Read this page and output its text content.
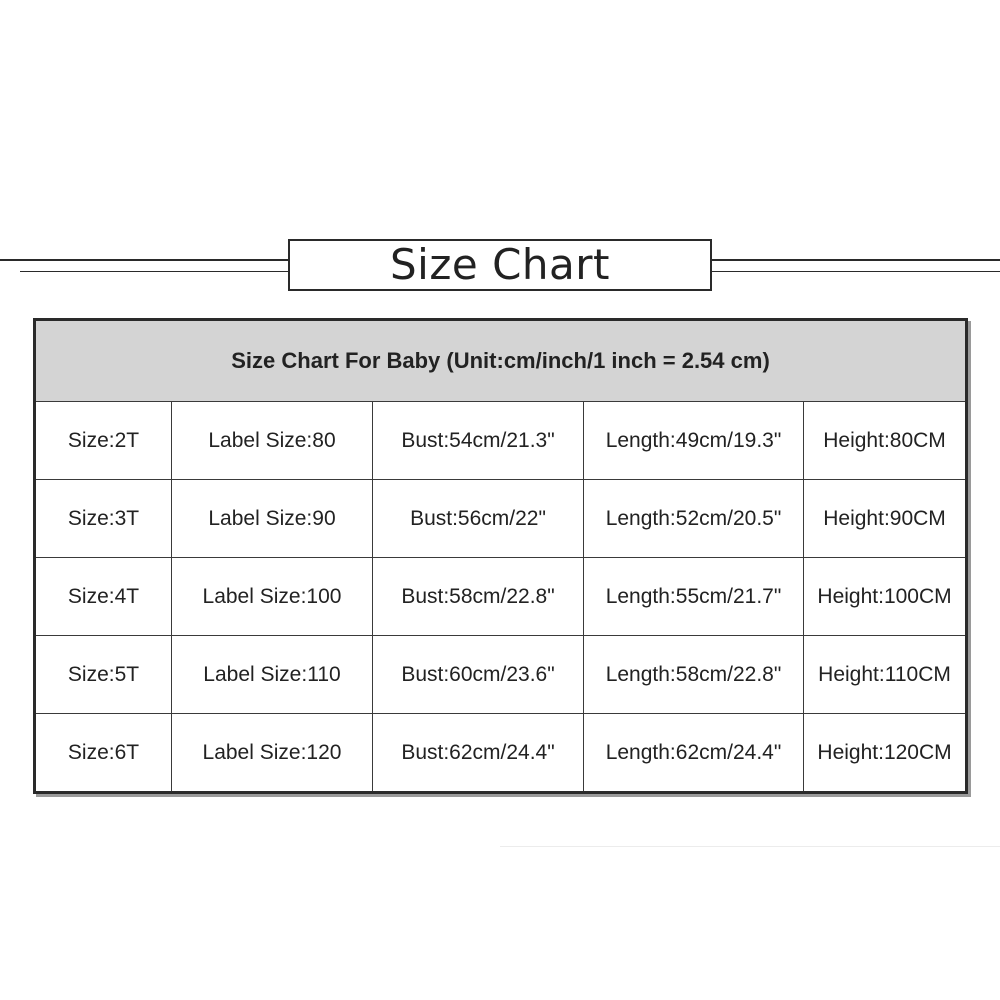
Size Chart
Size Chart For Baby (Unit:cm/inch/1 inch = 2.54 cm)				
Size:2T	Label Size:80	Bust:54cm/21.3"	Length:49cm/19.3"	Height:80CM
Size:3T	Label Size:90	Bust:56cm/22"	Length:52cm/20.5"	Height:90CM
Size:4T	Label Size:100	Bust:58cm/22.8"	Length:55cm/21.7"	Height:100CM
Size:5T	Label Size:110	Bust:60cm/23.6"	Length:58cm/22.8"	Height:110CM
Size:6T	Label Size:120	Bust:62cm/24.4"	Length:62cm/24.4"	Height:120CM
